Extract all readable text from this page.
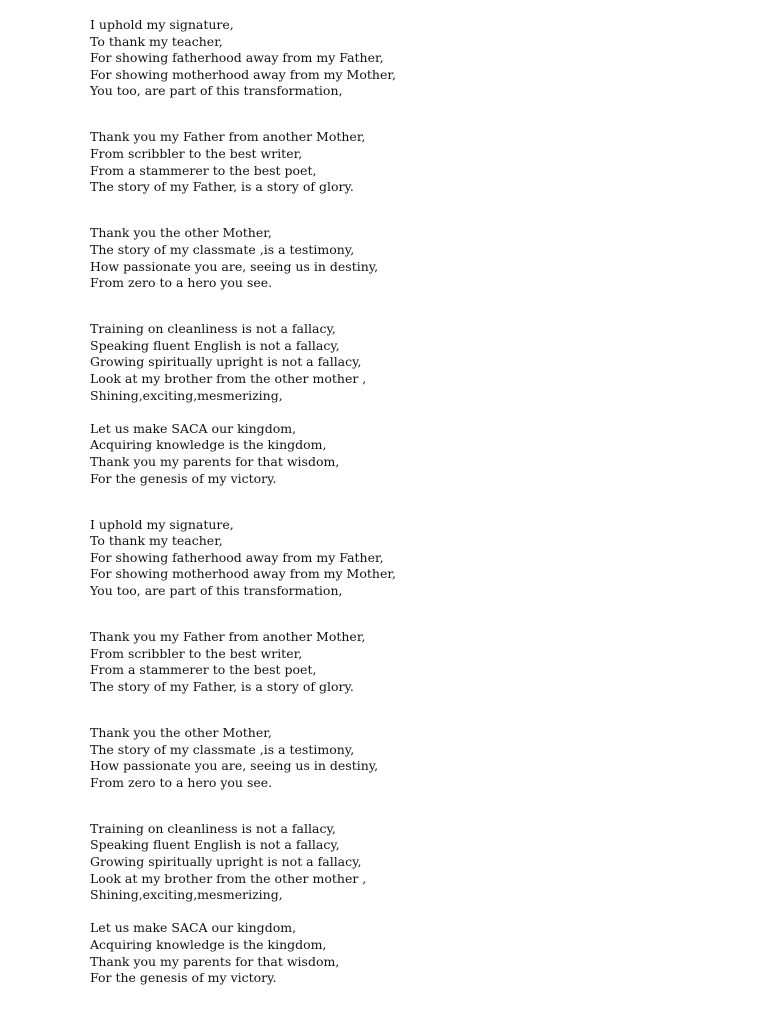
I uphold my signature,
To thank my teacher,
For showing fatherhood away from my Father,
For showing motherhood away from my Mother,
You too, are part of this transformation,
Thank you my Father from another Mother,
From scribbler to the best writer,
From a stammerer to the best poet,
The story of my Father, is a story of glory.
Thank you the other Mother,
The story of my classmate ,is a testimony,
How passionate you are, seeing us in destiny,
From zero to a hero you see.
Training on cleanliness is not a fallacy,
Speaking fluent English is not a fallacy,
Growing spiritually upright is not a fallacy,
Look at my brother from the other mother ,
Shining,exciting,mesmerizing,
Let us make SACA our kingdom,
Acquiring knowledge is the kingdom,
Thank you my parents for that wisdom,
For the genesis of my victory.
I uphold my signature,
To thank my teacher,
For showing fatherhood away from my Father,
For showing motherhood away from my Mother,
You too, are part of this transformation,
Thank you my Father from another Mother,
From scribbler to the best writer,
From a stammerer to the best poet,
The story of my Father, is a story of glory.
Thank you the other Mother,
The story of my classmate ,is a testimony,
How passionate you are, seeing us in destiny,
From zero to a hero you see.
Training on cleanliness is not a fallacy,
Speaking fluent English is not a fallacy,
Growing spiritually upright is not a fallacy,
Look at my brother from the other mother ,
Shining,exciting,mesmerizing,
Let us make SACA our kingdom,
Acquiring knowledge is the kingdom,
Thank you my parents for that wisdom,
For the genesis of my victory.
